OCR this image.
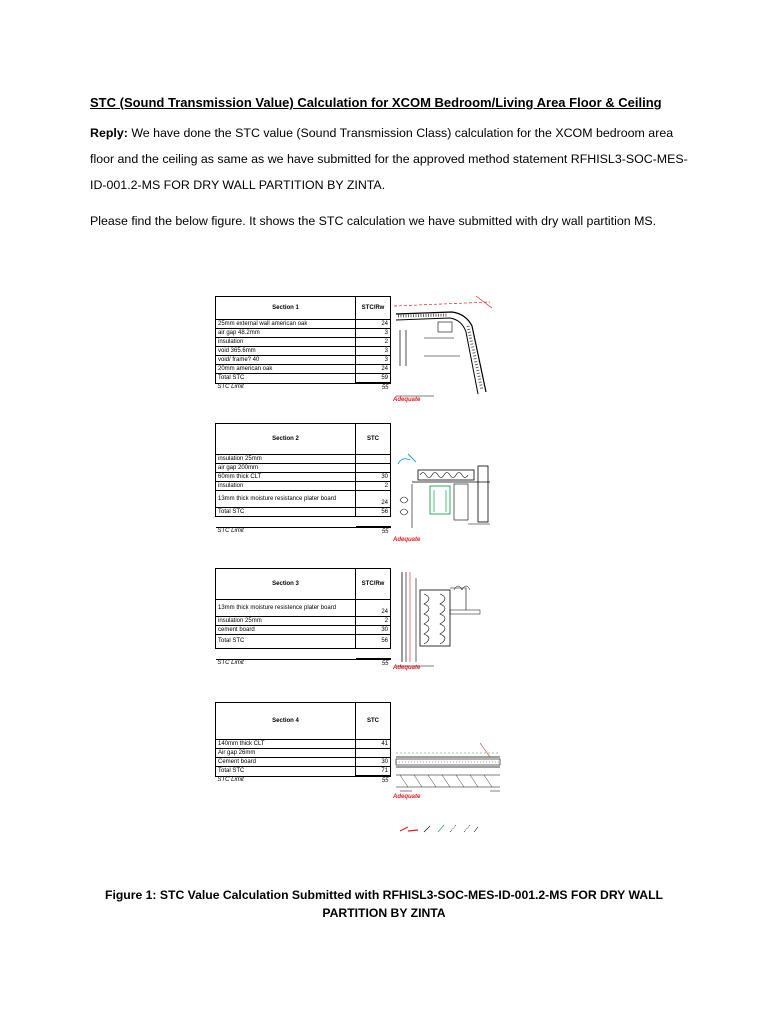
STC (Sound Transmission Value) Calculation for XCOM Bedroom/Living Area Floor & Ceiling
Reply: We have done the STC value (Sound Transmission Class) calculation for the XCOM bedroom area floor and the ceiling as same as we have submitted for the approved method statement RFHISL3-SOC-MES-ID-001.2-MS FOR DRY WALL PARTITION BY ZINTA.
Please find the below figure. It shows the STC calculation we have submitted with dry wall partition MS.
Section 1	STC/Rw
25mm external wall american oak	24
air gap 48.2mm	3
insulation	2
void 365.6mm	3
void/ frame? 40	3
20mm american oak	24
Total STC	59
STC Limit	55
Adequate
Section 2	STC
insulation 25mm	
air gap 200mm	
60mm thick CLT	30
insulation	2
13mm thick moisture resistance plater board	24
Total STC	56

STC Limit	55
Adequate
Section 3	STC/Rw
13mm thick moisture resistence plater board	24
insulation 25mm	2
cement board	30
Total STC	56

STC Limit	55
Adequate
Section 4	STC
140mm thick CLT	41
Air gap 26mm	
Cement board	30
Total STC	71
STC Limit	55
Adequate
Figure 1: STC Value Calculation Submitted with RFHISL3-SOC-MES-ID-001.2-MS FOR DRY WALL PARTITION BY ZINTA
